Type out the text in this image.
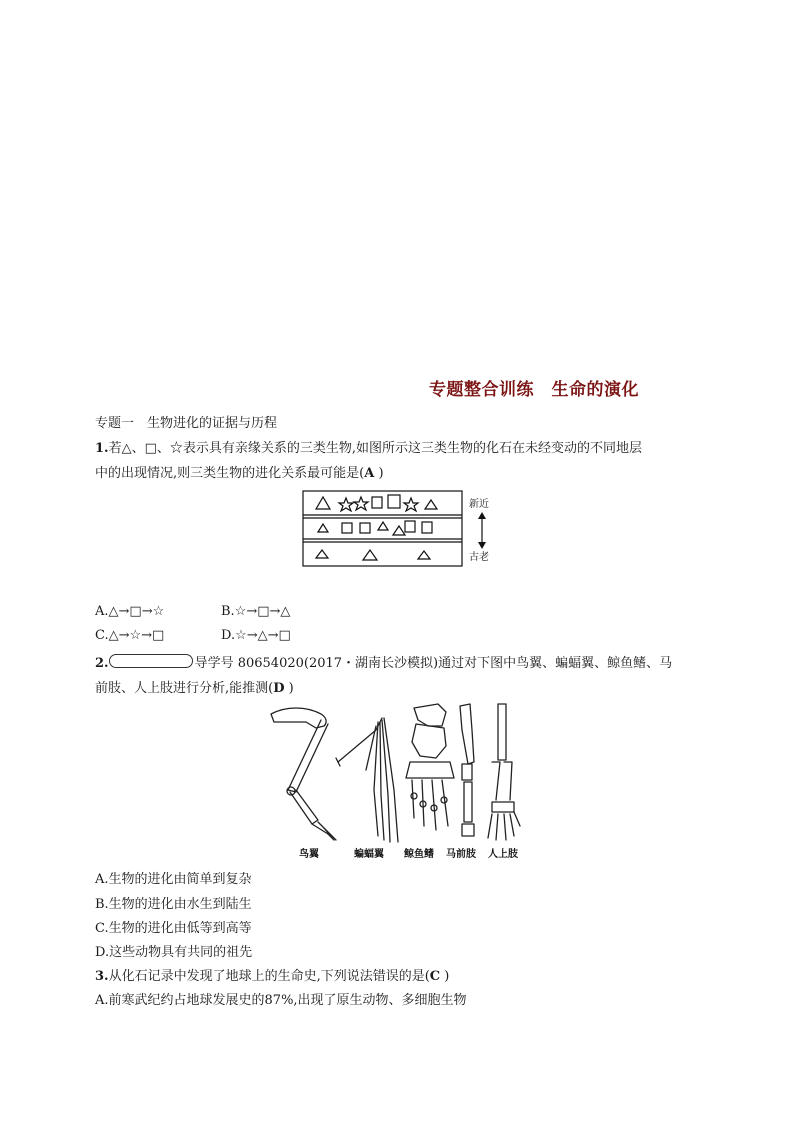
专题整合训练　生命的演化
专题一　生物进化的证据与历程
1.若△、□、☆表示具有亲缘关系的三类生物,如图所示这三类生物的化石在未经变动的不同地层
中的出现情况,则三类生物的进化关系最可能是(A )
新近
古老
A.△→□→☆	B.☆→□→△
C.△→☆→□	D.☆→△→□
2.	导学号 80654020(2017・湖南长沙模拟)通过对下图中鸟翼、蝙蝠翼、鲸鱼鳍、马
前肢、人上肢进行分析,能推测(D )
鸟翼	蝙蝠翼 鲸鱼鳍 马前肢 人上肢
A.生物的进化由简单到复杂
B.生物的进化由水生到陆生
C.生物的进化由低等到高等
D.这些动物具有共同的祖先
3.从化石记录中发现了地球上的生命史,下列说法错误的是(C )
A.前寒武纪约占地球发展史的87%,出现了原生动物、多细胞生物
